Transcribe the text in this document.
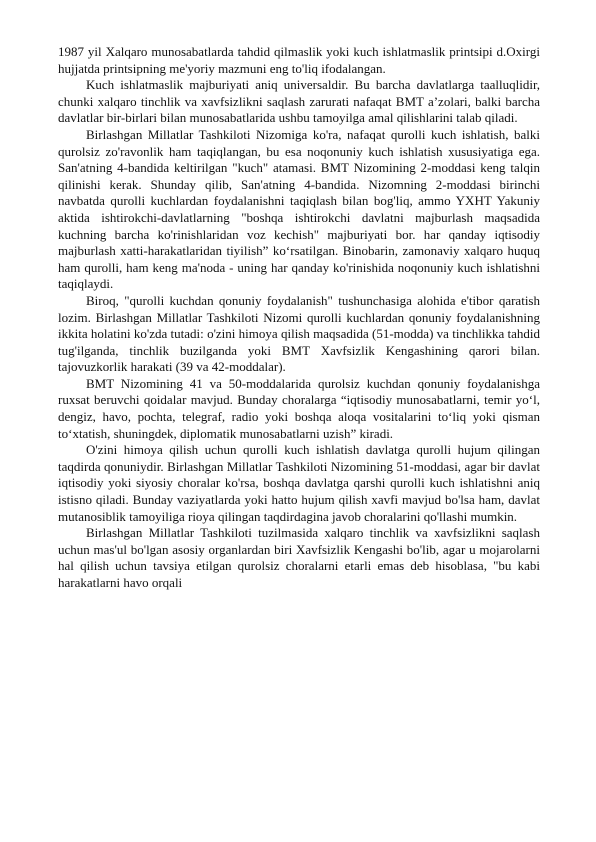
1987 yil Xalqaro munosabatlarda tahdid qilmaslik yoki kuch ishlatmaslik printsipi d.Oxirgi hujjatda printsipning me'yoriy mazmuni eng to'liq ifodalangan.

Kuch ishlatmaslik majburiyati aniq universaldir. Bu barcha davlatlarga taalluqlidir, chunki xalqaro tinchlik va xavfsizlikni saqlash zarurati nafaqat BMT a’zolari, balki barcha davlatlar bir-birlari bilan munosabatlarida ushbu tamoyilga amal qilishlarini talab qiladi.

Birlashgan Millatlar Tashkiloti Nizomiga ko'ra, nafaqat qurolli kuch ishlatish, balki qurolsiz zo'ravonlik ham taqiqlangan, bu esa noqonuniy kuch ishlatish xususiyatiga ega. San'atning 4-bandida keltirilgan "kuch" atamasi. BMT Nizomining 2-moddasi keng talqin qilinishi kerak. Shunday qilib, San'atning 4-bandida. Nizomning 2-moddasi birinchi navbatda qurolli kuchlardan foydalanishni taqiqlash bilan bog'liq, ammo YXHT Yakuniy aktida ishtirokchi-davlatlarning "boshqa ishtirokchi davlatni majburlash maqsadida kuchning barcha ko'rinishlaridan voz kechish" majburiyati bor. har qanday iqtisodiy majburlash xatti-harakatlaridan tiyilish” ko‘rsatilgan. Binobarin, zamonaviy xalqaro huquq ham qurolli, ham keng ma'noda - uning har qanday ko'rinishida noqonuniy kuch ishlatishni taqiqlaydi.

Biroq, "qurolli kuchdan qonuniy foydalanish" tushunchasiga alohida e'tibor qaratish lozim. Birlashgan Millatlar Tashkiloti Nizomi qurolli kuchlardan qonuniy foydalanishning ikkita holatini ko'zda tutadi: o'zini himoya qilish maqsadida (51-modda) va tinchlikka tahdid tug'ilganda, tinchlik buzilganda yoki BMT Xavfsizlik Kengashining qarori bilan. tajovuzkorlik harakati (39 va 42-moddalar).

BMT Nizomining 41 va 50-moddalarida qurolsiz kuchdan qonuniy foydalanishga ruxsat beruvchi qoidalar mavjud. Bunday choralarga “iqtisodiy munosabatlarni, temir yo‘l, dengiz, havo, pochta, telegraf, radio yoki boshqa aloqa vositalarini to‘liq yoki qisman to‘xtatish, shuningdek, diplomatik munosabatlarni uzish” kiradi.

O'zini himoya qilish uchun qurolli kuch ishlatish davlatga qurolli hujum qilingan taqdirda qonuniydir. Birlashgan Millatlar Tashkiloti Nizomining 51-moddasi, agar bir davlat iqtisodiy yoki siyosiy choralar ko'rsa, boshqa davlatga qarshi qurolli kuch ishlatishni aniq istisno qiladi. Bunday vaziyatlarda yoki hatto hujum qilish xavfi mavjud bo'lsa ham, davlat mutanosiblik tamoyiliga rioya qilingan taqdirdagina javob choralarini qo'llashi mumkin.

Birlashgan Millatlar Tashkiloti tuzilmasida xalqaro tinchlik va xavfsizlikni saqlash uchun mas'ul bo'lgan asosiy organlardan biri Xavfsizlik Kengashi bo'lib, agar u mojarolarni hal qilish uchun tavsiya etilgan qurolsiz choralarni etarli emas deb hisoblasa, "bu kabi harakatlarni havo orqali
